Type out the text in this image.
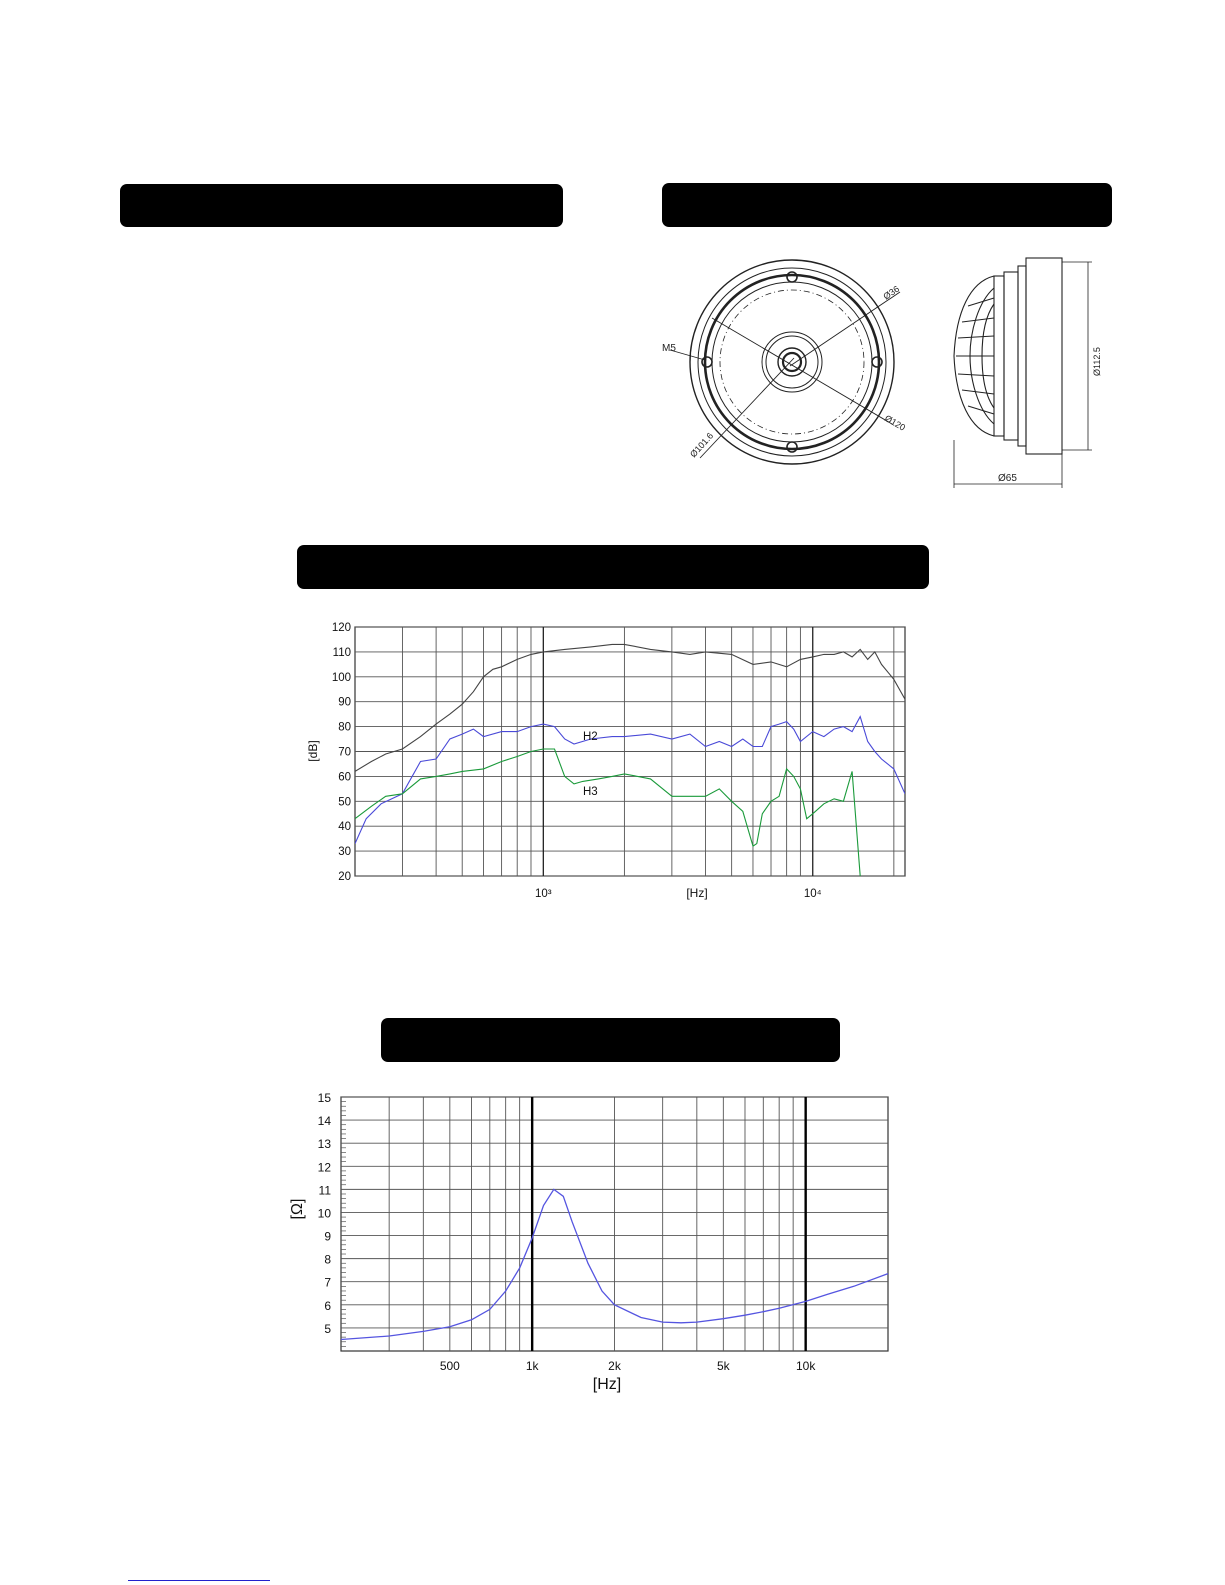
M5
Ø36
Ø120
Ø101.6
Ø112.5
Ø65
20
30
40
50
60
70
80
90
100
110
120
10³	10⁴
[Hz]
[dB]
H2
H3
5
6
7
8
9
10
11
12
13
14
15
500	1k	2k	5k	10k
[Hz]
[Ω]
